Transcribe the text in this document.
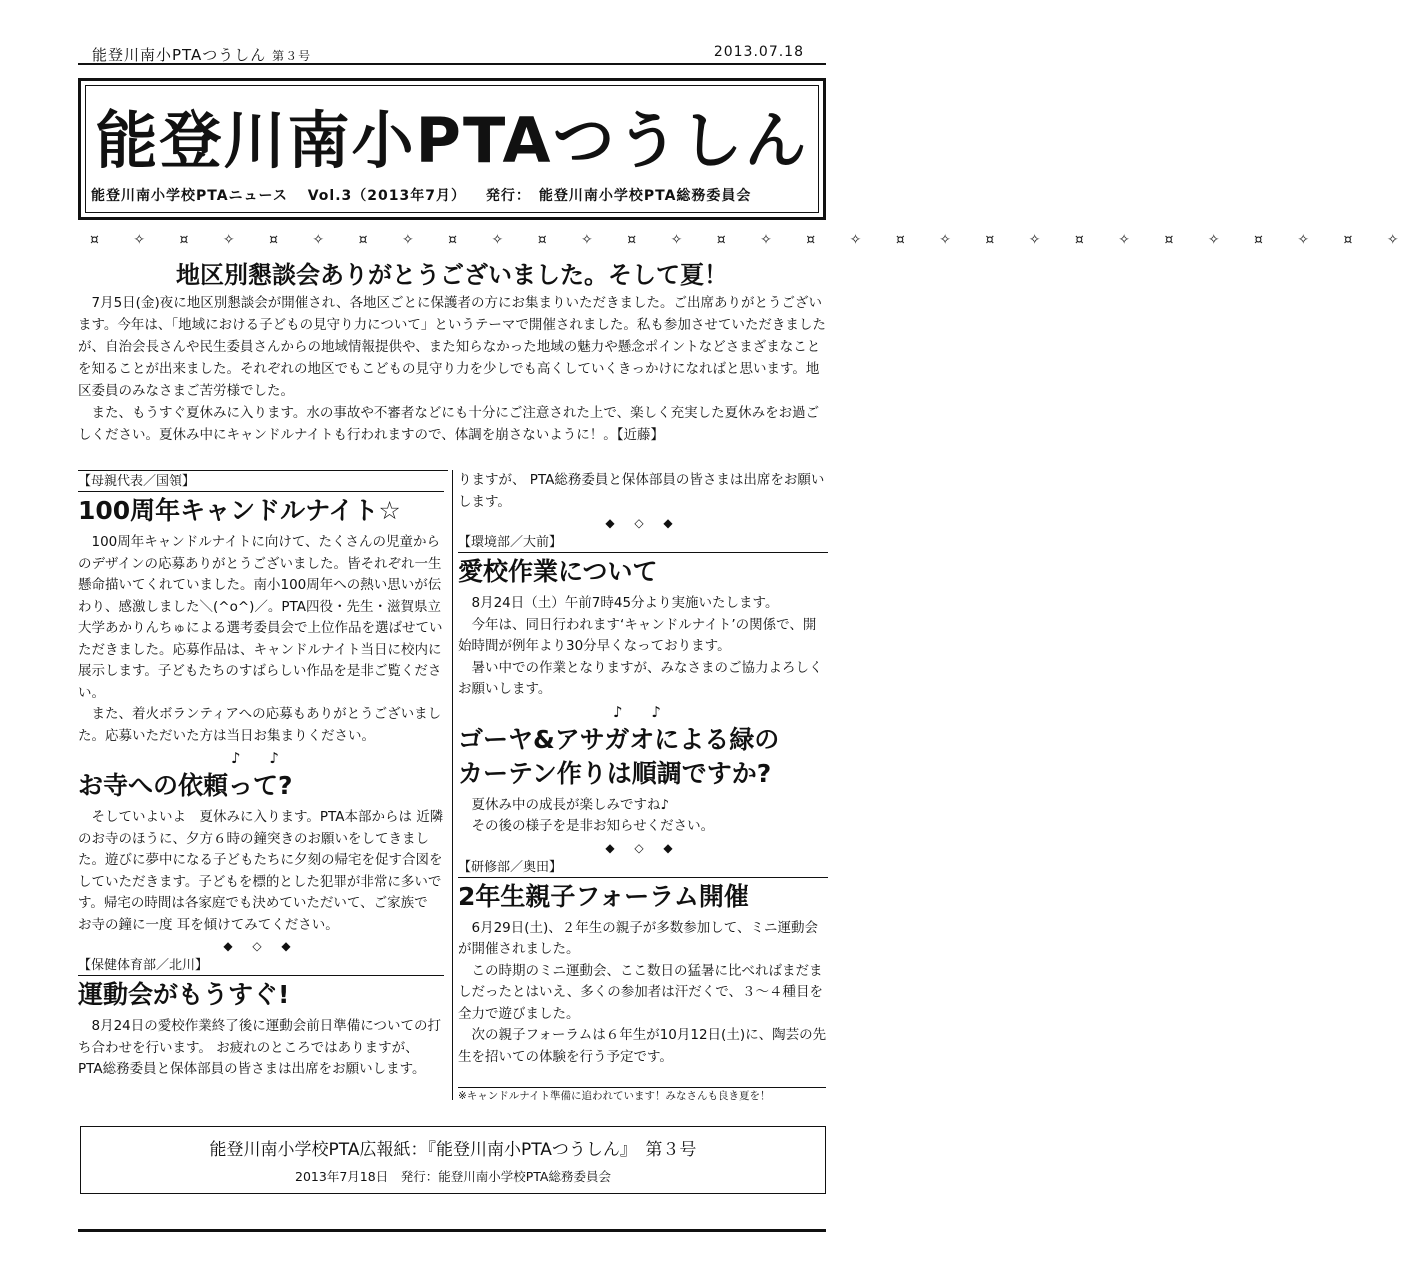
能登川南小PTAつうしん 第３号	2013.07.18
能登川南小PTAつうしん
能登川南小学校PTAニュース Vol.3（2013年7月） 発行：　能登川南小学校PTA総務委員会
¤ ✧ ¤ ✧ ¤ ✧ ¤ ✧ ¤ ✧ ¤ ✧ ¤ ✧ ¤ ✧ ¤ ✧ ¤ ✧ ¤ ✧ ¤ ✧ ¤ ✧ ¤ ✧ ¤ ✧
地区別懇談会ありがとうございました。そして夏！

7月5日(金)夜に地区別懇談会が開催され、各地区ごとに保護者の方にお集まりいただきました。ご出席ありがとうございます。今年は、「地域における子どもの見守り力について」というテーマで開催されました。私も参加させていただきましたが、自治会長さんや民生委員さんからの地域情報提供や、また知らなかった地域の魅力や懸念ポイントなどさまざまなことを知ることが出来ました。それぞれの地区でもこどもの見守り力を少しでも高くしていくきっかけになればと思います。地区委員のみなさまご苦労様でした。

また、もうすぐ夏休みに入ります。水の事故や不審者などにも十分にご注意された上で、楽しく充実した夏休みをお過ごしください。夏休み中にキャンドルナイトも行われますので、体調を崩さないように！。【近藤】

【母親代表／国領】
100周年キャンドルナイト☆

100周年キャンドルナイトに向けて、たくさんの児童からのデザインの応募ありがとうございました。皆それぞれ一生懸命描いてくれていました。南小100周年への熱い思いが伝わり、感激しました＼(^o^)／。PTA四役・先生・滋賀県立大学あかりんちゅによる選考委員会で上位作品を選ばせていただきました。応募作品は、キャンドルナイト当日に校内に展示します。子どもたちのすばらしい作品を是非ご覧ください。

また、着火ボランティアへの応募もありがとうございました。応募いただいた方は当日お集まりください。

♪ ♪
お寺への依頼って?

そしていよいよ　夏休みに入ります。PTA本部からは 近隣のお寺のほうに、夕方６時の鐘突きのお願いをしてきました。遊びに夢中になる子どもたちに夕刻の帰宅を促す合図をしていただきます。子どもを標的とした犯罪が非常に多いです。帰宅の時間は各家庭でも決めていただいて、ご家族で お寺の鐘に一度 耳を傾けてみてください。

◆ ◇ ◆
【保健体育部／北川】
運動会がもうすぐ!

8月24日の愛校作業終了後に運動会前日準備についての打ち合わせを行います。 お疲れのところではありますが、 PTA総務委員と保体部員の皆さまは出席をお願いします。

りますが、 PTA総務委員と保体部員の皆さまは出席をお願いします。

◆ ◇ ◆
【環境部／大前】
愛校作業について

8月24日（土）午前7時45分より実施いたします。

今年は、同日行われます‘キャンドルナイト’の関係で、開始時間が例年より30分早くなっております。

暑い中での作業となりますが、みなさまのご協力よろしくお願いします。

♪ ♪
ゴーヤ&アサガオによる緑の
カーテン作りは順調ですか?

夏休み中の成長が楽しみですね♪

その後の様子を是非お知らせください。

◆ ◇ ◆
【研修部／奥田】
2年生親子フォーラム開催

6月29日(土)、２年生の親子が多数参加して、ミニ運動会が開催されました。

この時期のミニ運動会、ここ数日の猛暑に比べればまだましだったとはいえ、多くの参加者は汗だくで、３～４種目を全力で遊びました。

次の親子フォーラムは６年生が10月12日(土)に、陶芸の先生を招いての体験を行う予定です。

※キャンドルナイト準備に追われています！みなさんも良き夏を！
能登川南小学校PTA広報紙：『能登川南小PTAつうしん』　第３号
2013年7月18日　発行：能登川南小学校PTA総務委員会
